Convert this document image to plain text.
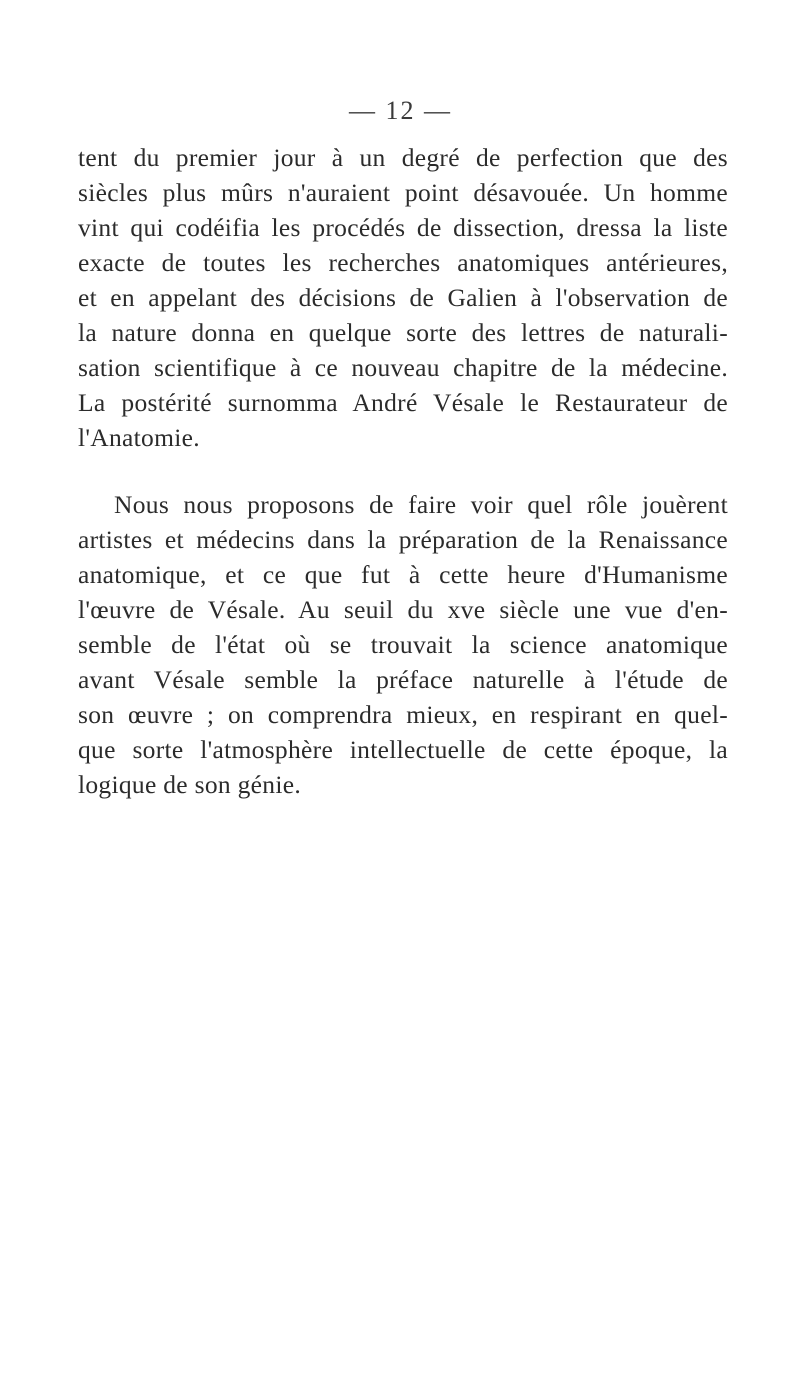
— 12 —
tent du premier jour à un degré de perfection que des
siècles plus mûrs n'auraient point désavouée. Un homme
vint qui codéifia les procédés de dissection, dressa la liste
exacte de toutes les recherches anatomiques antérieures,
et en appelant des décisions de Galien à l'observation de
la nature donna en quelque sorte des lettres de naturali-
sation scientifique à ce nouveau chapitre de la médecine.
La postérité surnomma André Vésale le Restaurateur de
l'Anatomie.
Nous nous proposons de faire voir quel rôle jouèrent
artistes et médecins dans la préparation de la Renaissance
anatomique, et ce que fut à cette heure d'Humanisme
l'œuvre de Vésale. Au seuil du xve siècle une vue d'en-
semble de l'état où se trouvait la science anatomique
avant Vésale semble la préface naturelle à l'étude de
son œuvre ; on comprendra mieux, en respirant en quel-
que sorte l'atmosphère intellectuelle de cette époque, la
logique de son génie.
